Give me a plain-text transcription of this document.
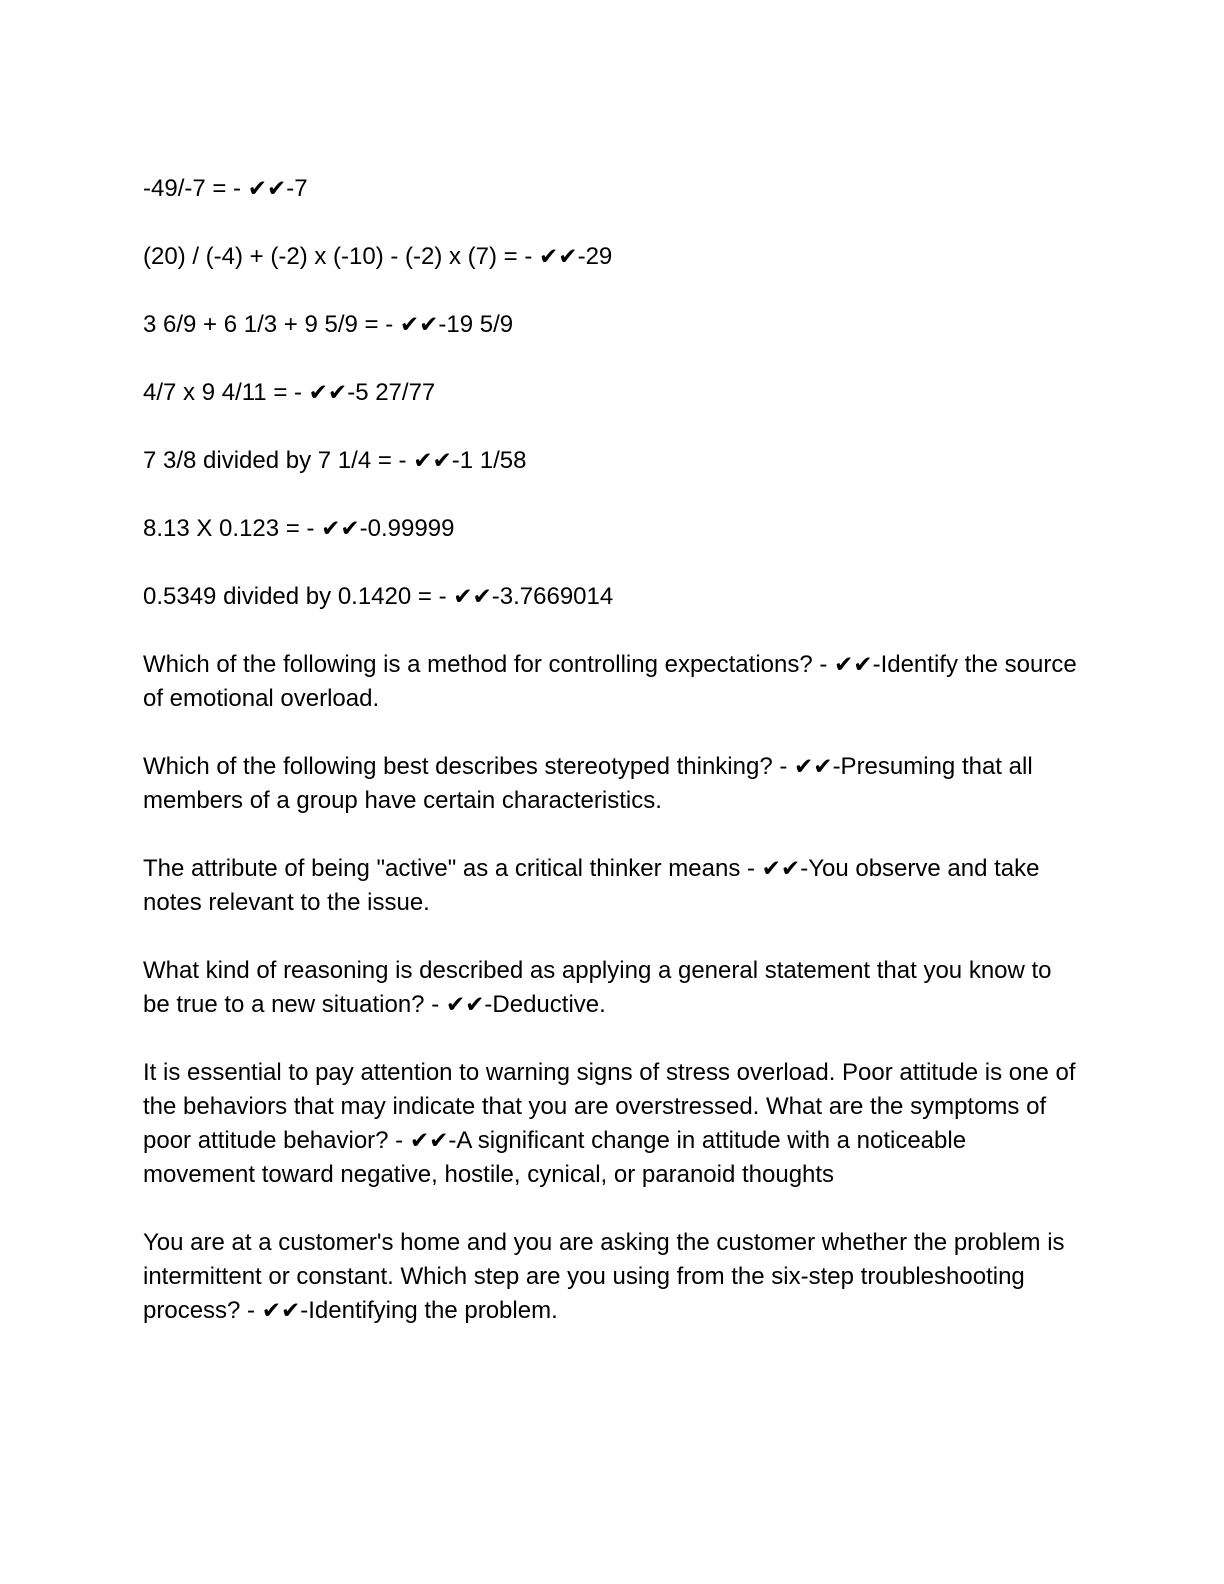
-49/-7 = - ✔✔-7

(20) / (-4) + (-2) x (-10) - (-2) x (7) = - ✔✔-29

3 6/9 + 6 1/3 + 9 5/9 = - ✔✔-19 5/9

4/7 x 9 4/11 = - ✔✔-5 27/77

7 3/8 divided by 7 1/4 = - ✔✔-1 1/58

8.13 X 0.123 = - ✔✔-0.99999

0.5349 divided by 0.1420 = - ✔✔-3.7669014

Which of the following is a method for controlling expectations? - ✔✔-Identify the source of emotional overload.

Which of the following best describes stereotyped thinking? - ✔✔-Presuming that all members of a group have certain characteristics.

The attribute of being "active" as a critical thinker means - ✔✔-You observe and take notes relevant to the issue.

What kind of reasoning is described as applying a general statement that you know to be true to a new situation? - ✔✔-Deductive.

It is essential to pay attention to warning signs of stress overload. Poor attitude is one of the behaviors that may indicate that you are overstressed. What are the symptoms of poor attitude behavior? - ✔✔-A significant change in attitude with a noticeable movement toward negative, hostile, cynical, or paranoid thoughts

You are at a customer's home and you are asking the customer whether the problem is intermittent or constant. Which step are you using from the six-step troubleshooting process? - ✔✔-Identifying the problem.
